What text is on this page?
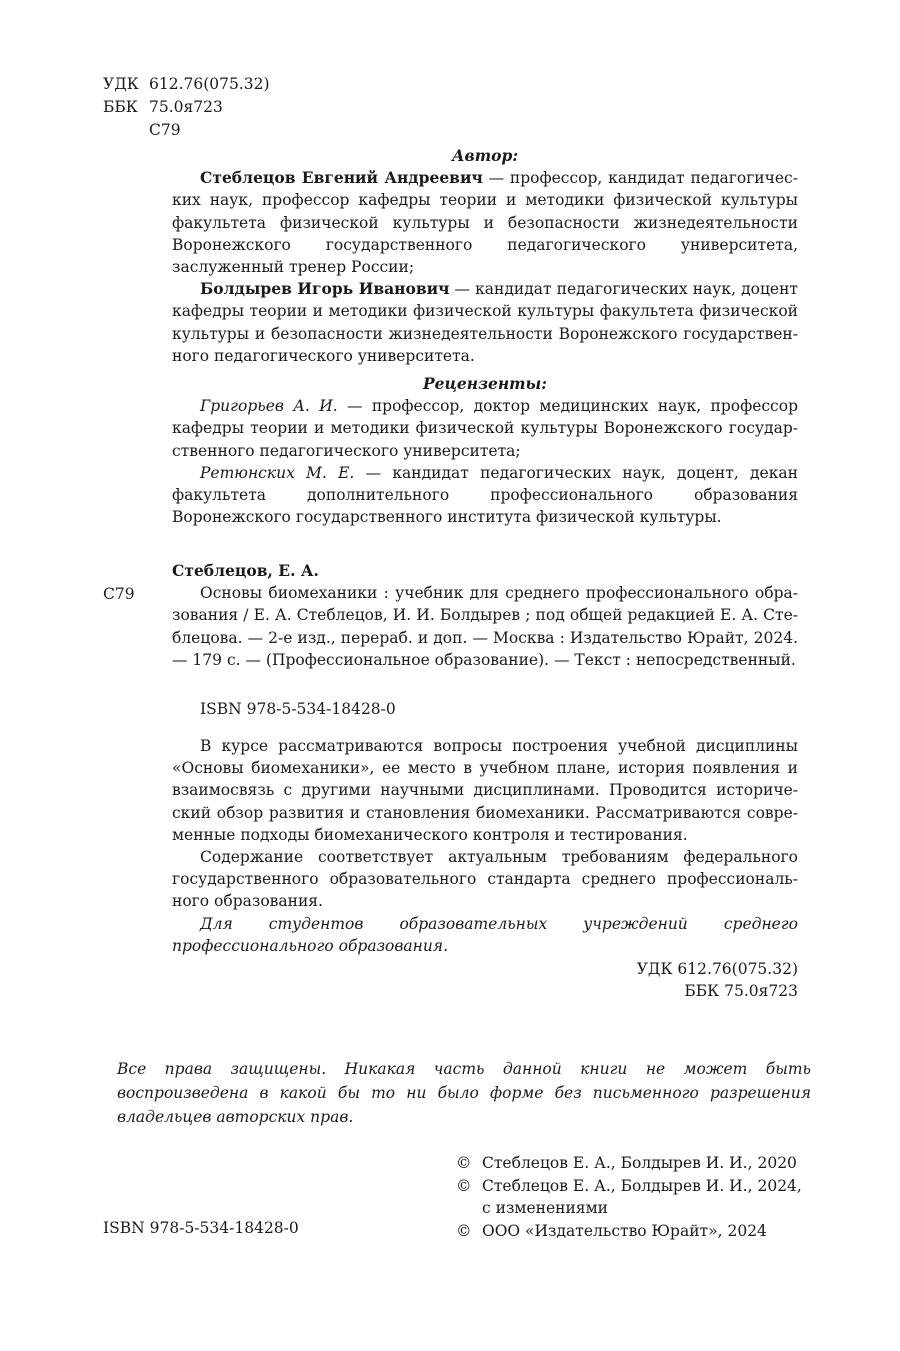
УДК 612.76(075.32)
ББК 75.0я723
С79
Автор:
Стеблецов Евгений Андреевич — профессор, кандидат педагогических наук, профессор кафедры теории и методики физической культуры факультета физической культуры и безопасности жизнедеятельности Воронежского государственного педагогического университета, заслуженный тренер России;
Болдырев Игорь Иванович — кандидат педагогических наук, доцент кафедры теории и методики физической культуры факультета физической культуры и безопасности жизнедеятельности Воронежского государственного педагогического университета.
Рецензенты:
Григорьев А. И. — профессор, доктор медицинских наук, профессор кафедры теории и методики физической культуры Воронежского государственного педагогического университета;
Ретюнских М. Е. — кандидат педагогических наук, доцент, декан факультета дополнительного профессионального образования Воронежского государственного института физической культуры.
Стеблецов, Е. А.
С79	Основы биомеханики : учебник для среднего профессионального образования / Е. А. Стеблецов, И. И. Болдырев ; под общей редакцией Е. А. Стеблецова. — 2-е изд., перераб. и доп. — Москва : Издательство Юрайт, 2024. — 179 с. — (Профессиональное образование). — Текст : непосредственный.
ISBN 978-5-534-18428-0
В курсе рассматриваются вопросы построения учебной дисциплины «Основы биомеханики», ее место в учебном плане, история появления и взаимосвязь с другими научными дисциплинами. Проводится исторический обзор развития и становления биомеханики. Рассматриваются современные подходы биомеханического контроля и тестирования.
Содержание соответствует актуальным требованиям федерального государственного образовательного стандарта среднего профессионального образования.
Для студентов образовательных учреждений среднего профессионального образования.
УДК 612.76(075.32)
ББК 75.0я723
Все права защищены. Никакая часть данной книги не может быть воспроизведена в какой бы то ни было форме без письменного разрешения владельцев авторских прав.
© Стеблецов Е. А., Болдырев И. И., 2020
© Стеблецов Е. А., Болдырев И. И., 2024,
с изменениями
© ООО «Издательство Юрайт», 2024
ISBN 978-5-534-18428-0
